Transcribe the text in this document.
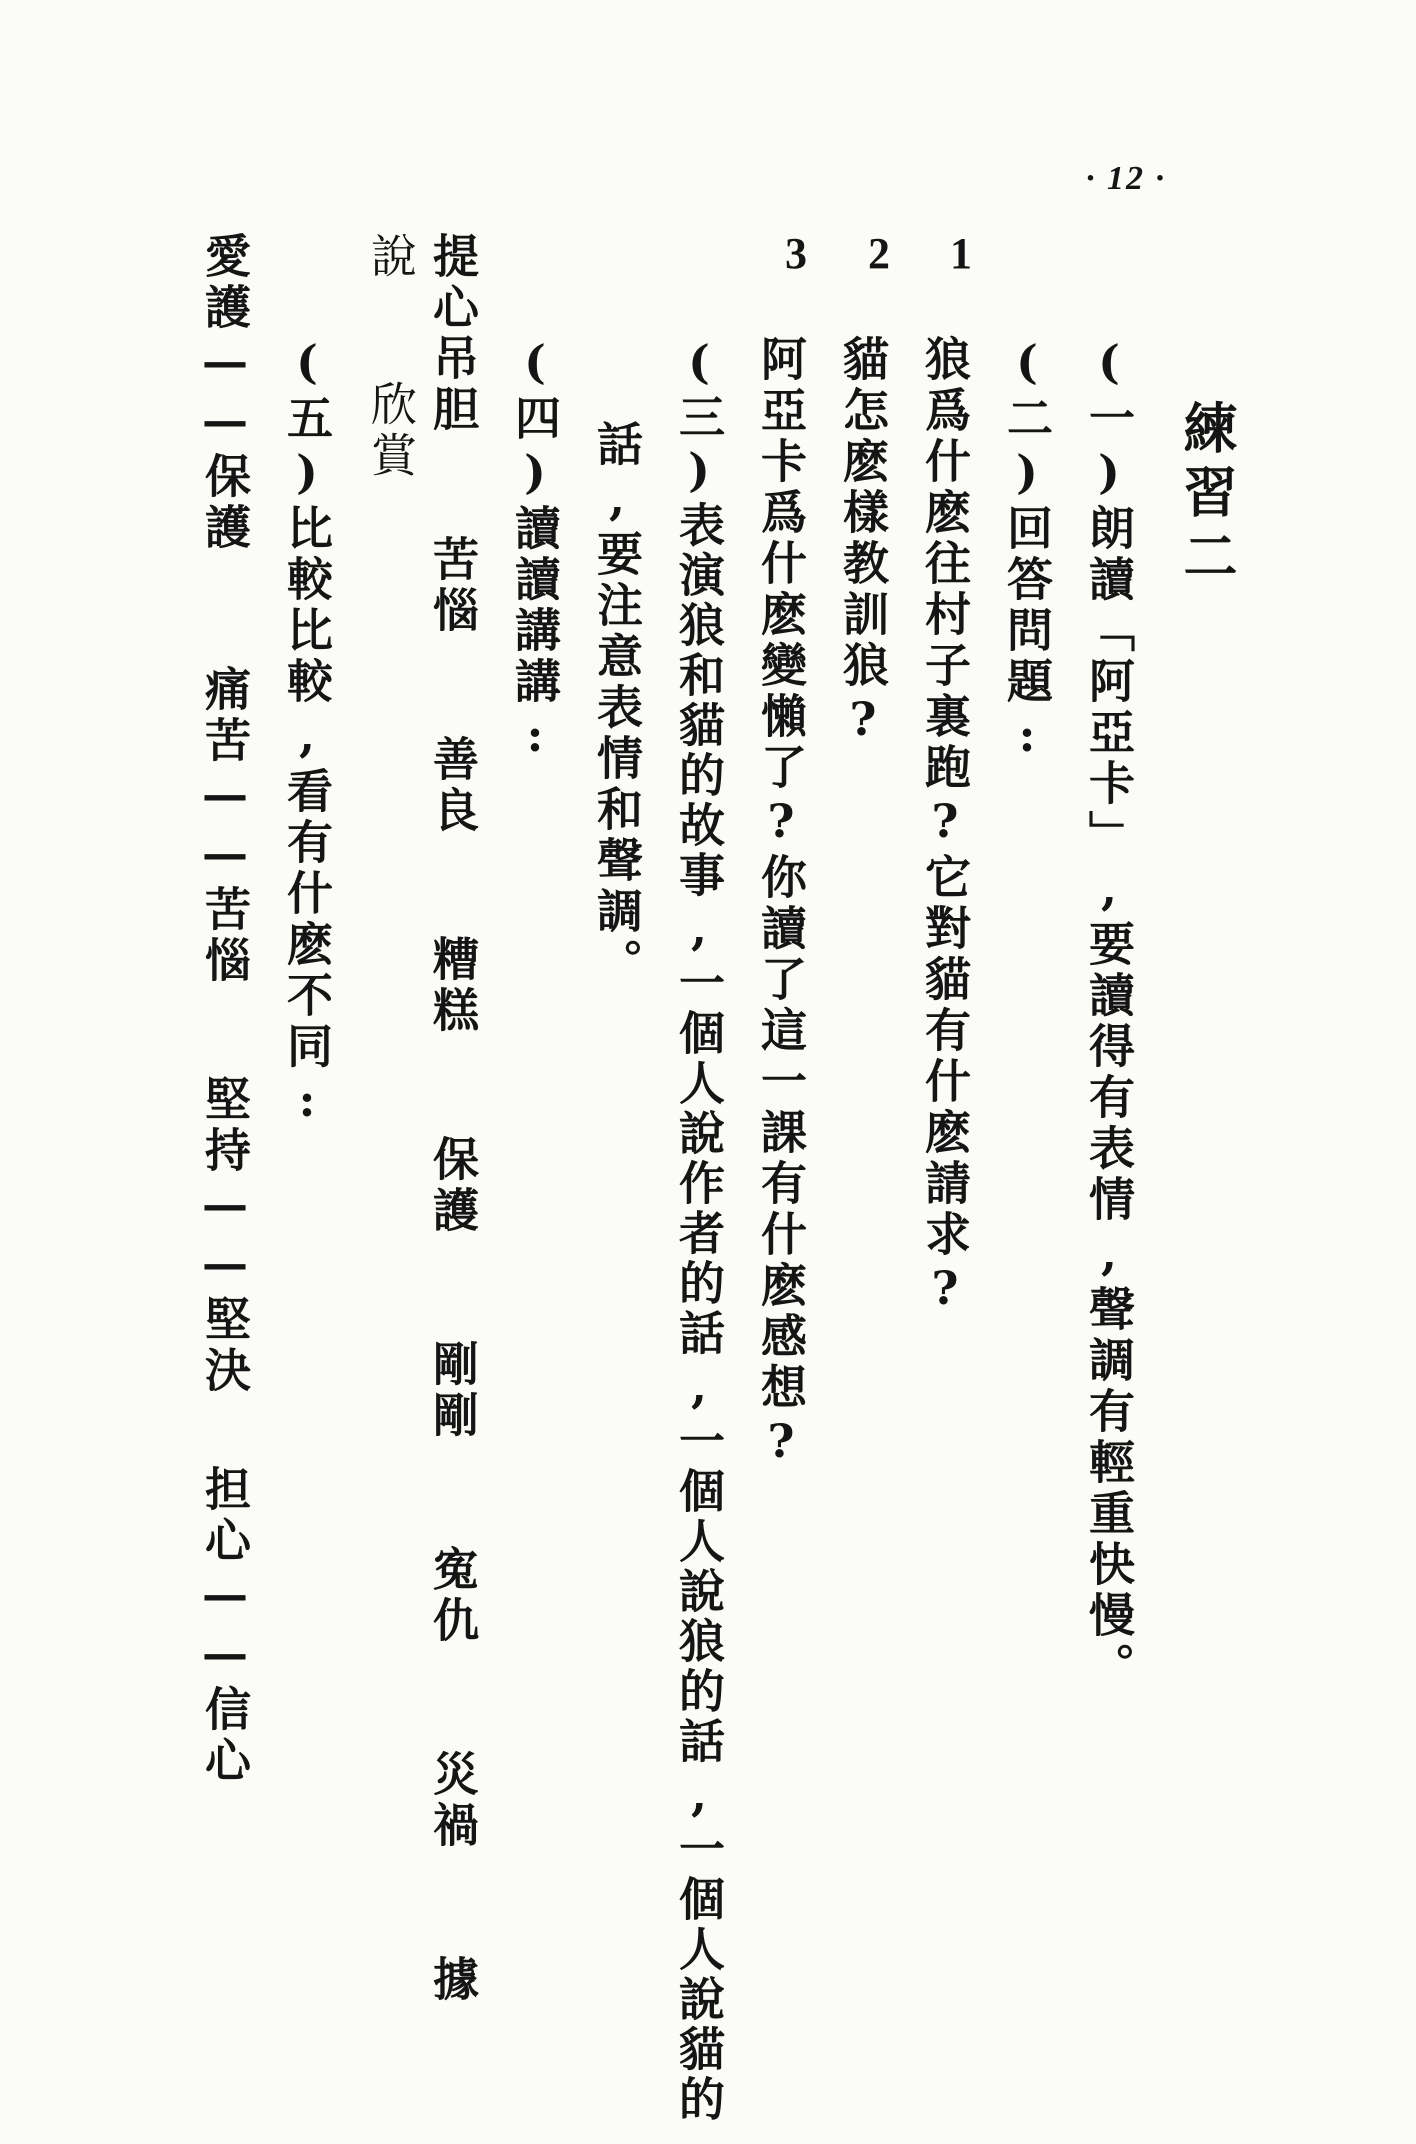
· 12 ·
練習二
(一)朗讀「阿亞卡」,要讀得有表情,聲調有輕重快慢。
(二)回答問題:
1
狼爲什麽往村子裏跑?它對貓有什麽請求?
2
貓怎麽樣教訓狼?
3
阿亞卡爲什麽變懶了?你讀了這一課有什麽感想?
(三)表演狼和貓的故事,一個人說作者的話,一個人說狼的話,一個人說貓的
話,要注意表情和聲調。
(四)讀讀講講:
提心吊胆
苦惱
善良
糟糕
保護
剛剛
寃仇
災禍
據
說
欣賞
(五)比較比較,看有什麽不同:
愛護——保護
痛苦——苦惱
堅持——堅決
担心——信心
